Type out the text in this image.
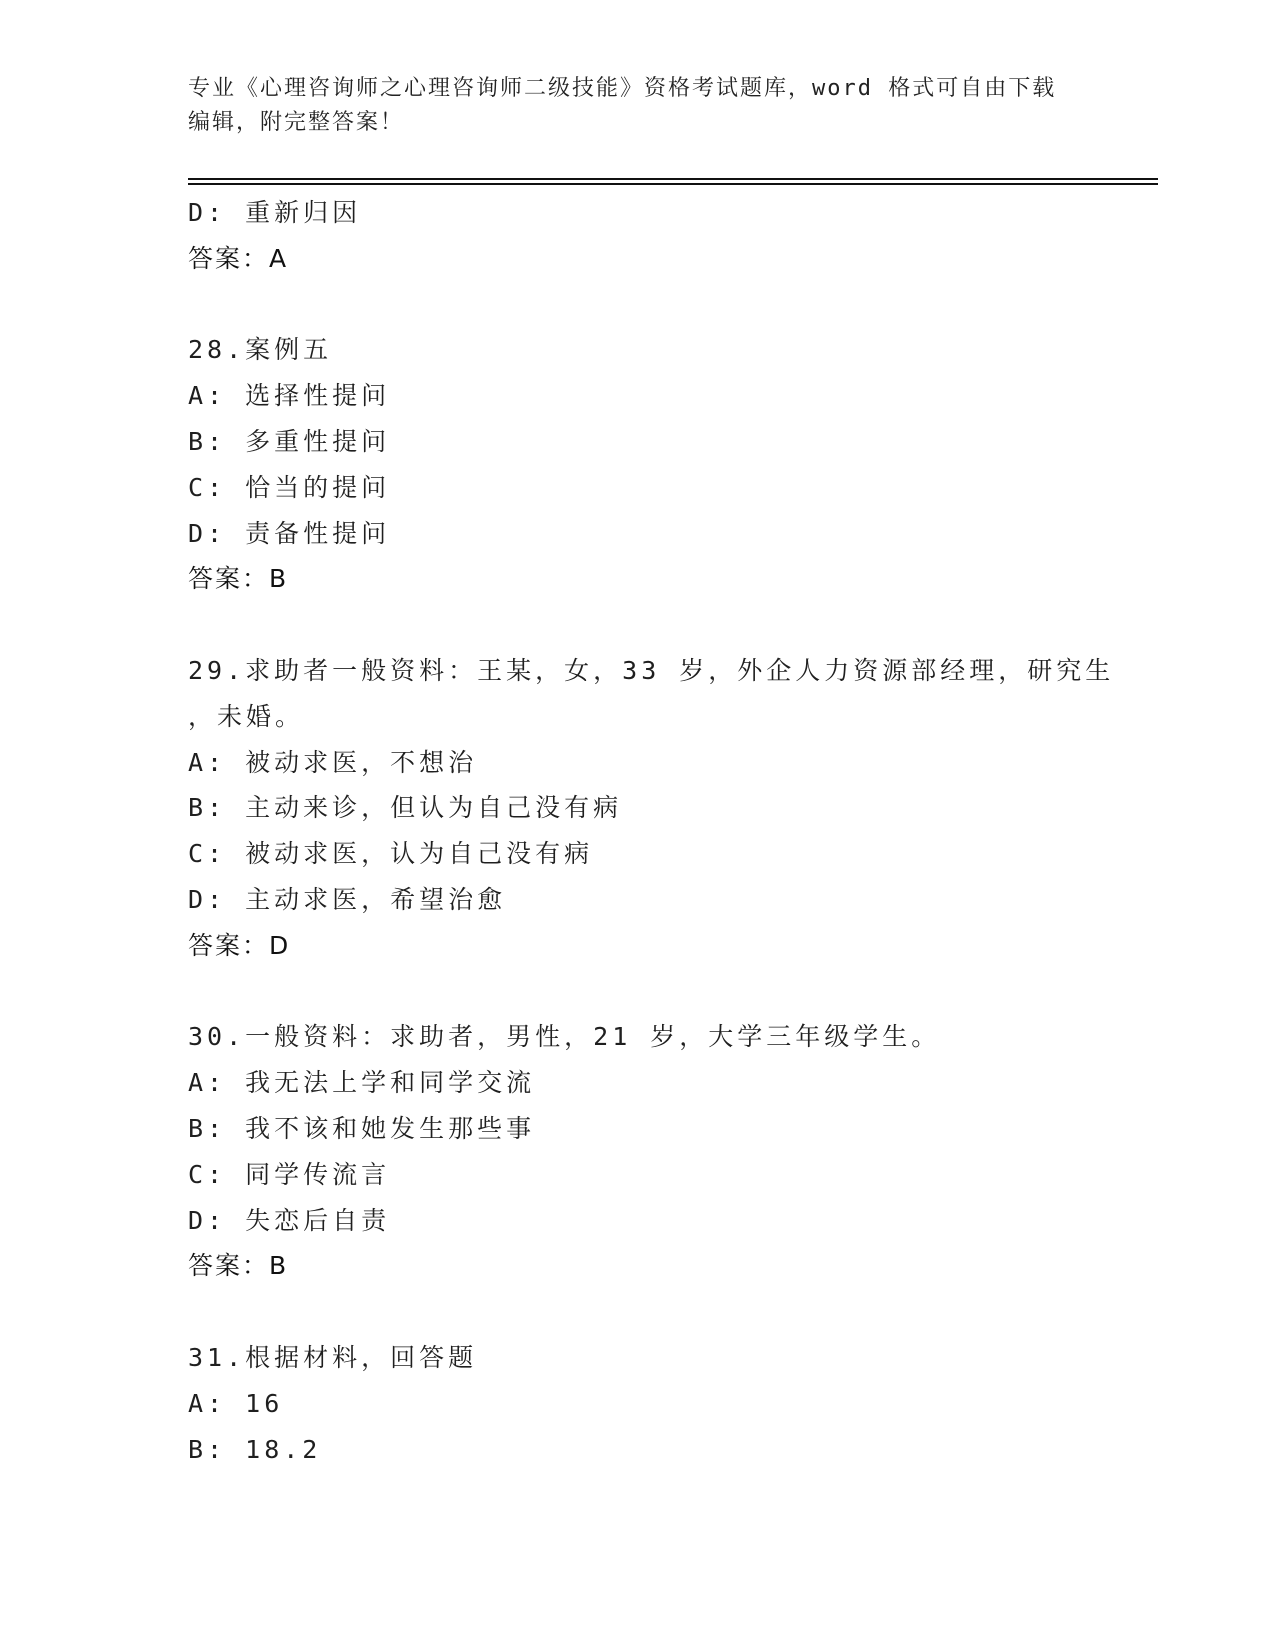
专业《心理咨询师之心理咨询师二级技能》资格考试题库，word 格式可自由下载
编辑，附完整答案！
D: 重新归因
答案：A
28.案例五
A: 选择性提问
B: 多重性提问
C: 恰当的提问
D: 责备性提问
答案：B
29.求助者一般资料：王某，女，33 岁，外企人力资源部经理，研究生
，未婚。
A: 被动求医，不想治
B: 主动来诊，但认为自己没有病
C: 被动求医，认为自己没有病
D: 主动求医，希望治愈
答案：D
30.一般资料：求助者，男性，21 岁，大学三年级学生。
A: 我无法上学和同学交流
B: 我不该和她发生那些事
C: 同学传流言
D: 失恋后自责
答案：B
31.根据材料，回答题
A: 16
B: 18.2
